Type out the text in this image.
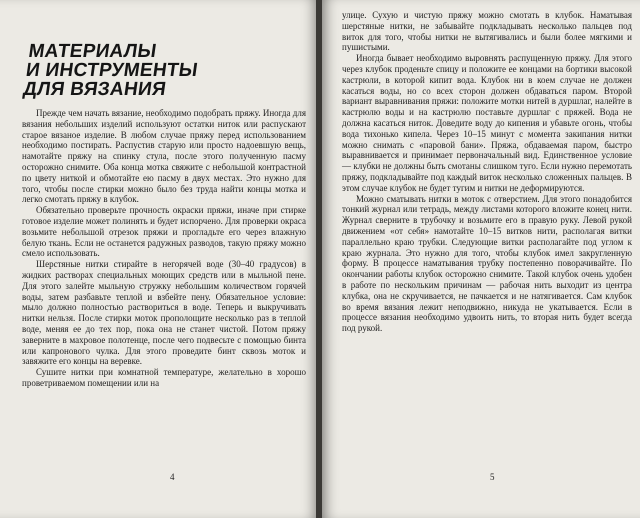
МАТЕРИАЛЫ
И ИНСТРУМЕНТЫ
ДЛЯ ВЯЗАНИЯ

Прежде чем начать вязание, необходимо подобрать пряжу. Иногда для вязания небольших изделий используют остатки ниток или распускают старое вязаное изделие. В любом случае пряжу перед использованием необходимо постирать. Распустив старую или просто надоевшую вещь, намотайте пряжу на спинку стула, после этого полученную пасму осторожно снимите. Оба конца мотка свяжите с небольшой контрастной по цвету ниткой и обмотайте ею пасму в двух местах. Это нужно для того, чтобы после стирки можно было без труда найти концы мотка и легко смотать пряжу в клубок.

Обязательно проверьте прочность окраски пряжи, иначе при стирке готовое изделие может полинять и будет испорчено. Для проверки окраса возьмите небольшой отрезок пряжи и прогладьте его через влажную белую ткань. Если не останется радужных разводов, такую пряжу можно смело использовать.

Шерстяные нитки стирайте в негорячей воде (30–40 градусов) в жидких растворах специальных моющих средств или в мыльной пене. Для этого залейте мыльную стружку небольшим количеством горячей воды, затем разбавьте теплой и взбейте пену. Обязательное условие: мыло должно полностью раствориться в воде. Теперь и выкручивать нитки нельзя. После стирки моток прополощите несколько раз в теплой воде, меняя ее до тех пор, пока она не станет чистой. Потом пряжу заверните в махровое полотенце, после чего подвесьте с помощью бинта или капронового чулка. Для этого проведите бинт сквозь моток и завяжите его концы на веревке.

Сушите нитки при комнатной температуре, желательно в хорошо проветриваемом помещении или на

4

улице. Сухую и чистую пряжу можно смотать в клубок. Наматывая шерстяные нитки, не забывайте подкладывать несколько пальцев под виток для того, чтобы нитки не вытягивались и были более мягкими и пушистыми.

Иногда бывает необходимо выровнять распущенную пряжу. Для этого через клубок проденьте спицу и положите ее концами на бортики высокой кастрюли, в которой кипит вода. Клубок ни в коем случае не должен касаться воды, но со всех сторон должен обдаваться паром. Второй вариант выравнивания пряжи: положите мотки нитей в дуршлаг, налейте в кастрюлю воды и на кастрюлю поставьте дуршлаг с пряжей. Вода не должна касаться ниток. Доведите воду до кипения и убавьте огонь, чтобы вода тихонько кипела. Через 10–15 минут с момента закипания нитки можно снимать с «паровой бани». Пряжа, обдаваемая паром, быстро выравнивается и принимает первоначальный вид. Единственное условие — клубки не должны быть смотаны слишком туго. Если нужно перемотать пряжу, подкладывайте под каждый виток несколько сложенных пальцев. В этом случае клубок не будет тугим и нитки не деформируются.

Можно сматывать нитки в моток с отверстием. Для этого понадобится тонкий журнал или тетрадь, между листами которого вложите конец нити. Журнал сверните в трубочку и возьмите его в правую руку. Левой рукой движением «от себя» намотайте 10–15 витков нити, располагая витки параллельно краю трубки. Следующие витки располагайте под углом к краю журнала. Это нужно для того, чтобы клубок имел закругленную форму. В процессе наматывания трубку постепенно поворачивайте. По окончании работы клубок осторожно снимите. Такой клубок очень удобен в работе по нескольким причинам — рабочая нить выходит из центра клубка, она не скручивается, не пачкается и не натягивается. Сам клубок во время вязания лежит неподвижно, никуда не укатывается. Если в процессе вязания необходимо удвоить нить, то вторая нить будет всегда под рукой.

5
